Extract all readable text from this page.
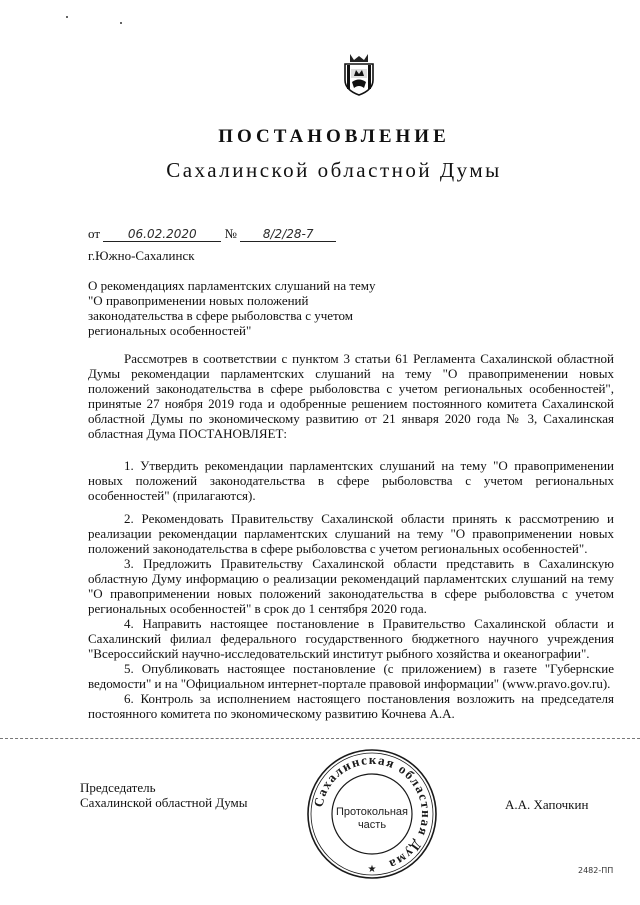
ПОСТАНОВЛЕНИЕ
Сахалинской областной Думы
от 06.02.2020 № 8/2/28-7
г.Южно-Сахалинск
О рекомендациях парламентских слушаний на тему "О правоприменении новых положений законодательства в сфере рыболовства с учетом региональных особенностей"
Рассмотрев в соответствии с пунктом 3 статьи 61 Регламента Сахалинской областной Думы рекомендации парламентских слушаний на тему "О правоприменении новых положений законодательства в сфере рыболовства с учетом региональных особенностей", принятые 27 ноября 2019 года и одобренные решением постоянного комитета Сахалинской областной Думы по экономическому развитию от 21 января 2020 года № 3, Сахалинская областная Дума ПОСТАНОВЛЯЕТ:

1. Утвердить рекомендации парламентских слушаний на тему "О правоприменении новых положений законодательства в сфере рыболовства с учетом региональных особенностей" (прилагаются).

2. Рекомендовать Правительству Сахалинской области принять к рассмотрению и реализации рекомендации парламентских слушаний на тему "О правоприменении новых положений законодательства в сфере рыболовства с учетом региональных особенностей".

3. Предложить Правительству Сахалинской области представить в Сахалинскую областную Думу информацию о реализации рекомендаций парламентских слушаний на тему "О правоприменении новых положений законодательства в сфере рыболовства с учетом региональных особенностей" в срок до 1 сентября 2020 года.

4. Направить настоящее постановление в Правительство Сахалинской области и Сахалинский филиал федерального государственного бюджетного научного учреждения "Всероссийский научно-исследовательский институт рыбного хозяйства и океанографии".

5. Опубликовать настоящее постановление (с приложением) в газете "Губернские ведомости" и на "Официальном интернет-портале правовой информации" (www.pravo.gov.ru).

6. Контроль за исполнением настоящего постановления возложить на председателя постоянного комитета по экономическому развитию Кочнева А.А.

Председатель
Сахалинской областной Думы	А.А. Хапочкин
Сахалинская областная Дума
★
Протокольная
часть
2482-ПП
